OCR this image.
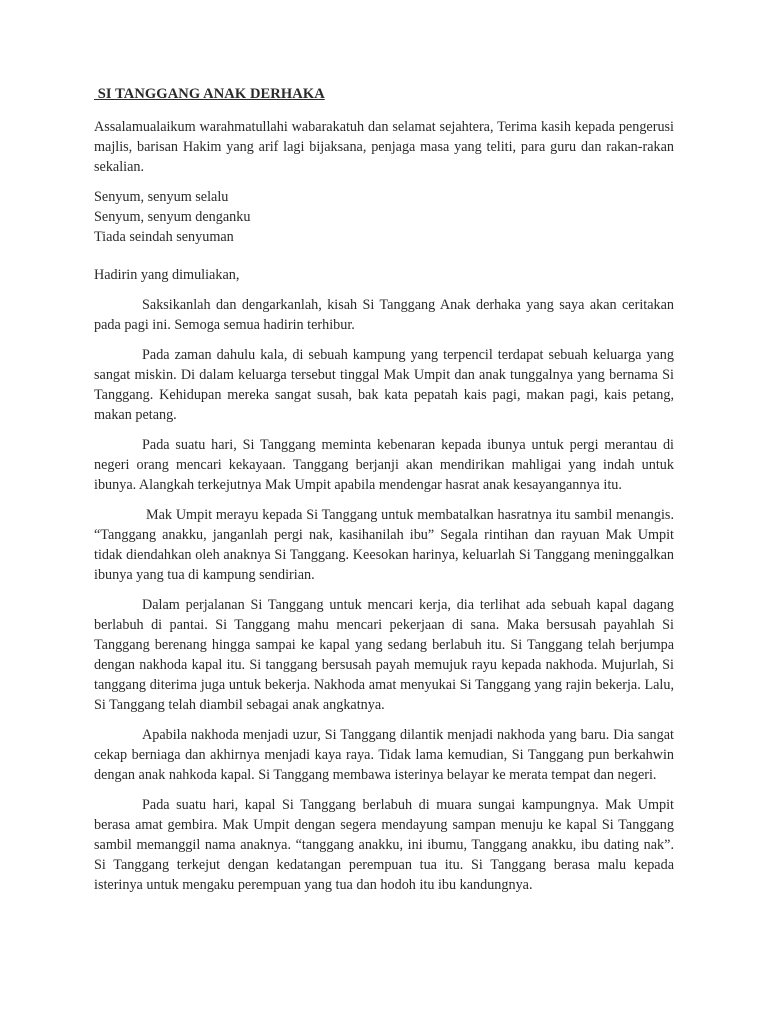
SI TANGGANG ANAK DERHAKA

Assalamualaikum warahmatullahi wabarakatuh dan selamat sejahtera, Terima kasih kepada pengerusi majlis, barisan Hakim yang arif lagi bijaksana, penjaga masa yang teliti, para guru dan rakan-rakan sekalian.

Senyum, senyum selalu
Senyum, senyum denganku
Tiada seindah senyuman
Hadirin yang dimuliakan,

Saksikanlah dan dengarkanlah, kisah Si Tanggang Anak derhaka yang saya akan ceritakan pada pagi ini. Semoga semua hadirin terhibur.

Pada zaman dahulu kala, di sebuah kampung yang terpencil terdapat sebuah keluarga yang sangat miskin. Di dalam keluarga tersebut tinggal Mak Umpit dan anak tunggalnya yang bernama Si Tanggang. Kehidupan mereka sangat susah, bak kata pepatah kais pagi, makan pagi, kais petang, makan petang.

Pada suatu hari, Si Tanggang meminta kebenaran kepada ibunya untuk pergi merantau di negeri orang mencari kekayaan. Tanggang berjanji akan mendirikan mahligai yang indah untuk ibunya. Alangkah terkejutnya Mak Umpit apabila mendengar hasrat anak kesayangannya itu.

Mak Umpit merayu kepada Si Tanggang untuk membatalkan hasratnya itu sambil menangis. “Tanggang anakku, janganlah pergi nak, kasihanilah ibu” Segala rintihan dan rayuan Mak Umpit tidak diendahkan oleh anaknya Si Tanggang. Keesokan harinya, keluarlah Si Tanggang meninggalkan ibunya yang tua di kampung sendirian.

Dalam perjalanan Si Tanggang untuk mencari kerja, dia terlihat ada sebuah kapal dagang berlabuh di pantai. Si Tanggang mahu mencari pekerjaan di sana. Maka bersusah payahlah Si Tanggang berenang hingga sampai ke kapal yang sedang berlabuh itu. Si Tanggang telah berjumpa dengan nakhoda kapal itu. Si tanggang bersusah payah memujuk rayu kepada nakhoda. Mujurlah, Si tanggang diterima juga untuk bekerja. Nakhoda amat menyukai Si Tanggang yang rajin bekerja. Lalu, Si Tanggang telah diambil sebagai anak angkatnya.

Apabila nakhoda menjadi uzur, Si Tanggang dilantik menjadi nakhoda yang baru. Dia sangat cekap berniaga dan akhirnya menjadi kaya raya. Tidak lama kemudian, Si Tanggang pun berkahwin dengan anak nahkoda kapal. Si Tanggang membawa isterinya belayar ke merata tempat dan negeri.

Pada suatu hari, kapal Si Tanggang berlabuh di muara sungai kampungnya. Mak Umpit berasa amat gembira. Mak Umpit dengan segera mendayung sampan menuju ke kapal Si Tanggang sambil memanggil nama anaknya. “tanggang anakku, ini ibumu, Tanggang anakku, ibu dating nak”. Si Tanggang terkejut dengan kedatangan perempuan tua itu. Si Tanggang berasa malu kepada isterinya untuk mengaku perempuan yang tua dan hodoh itu ibu kandungnya.
